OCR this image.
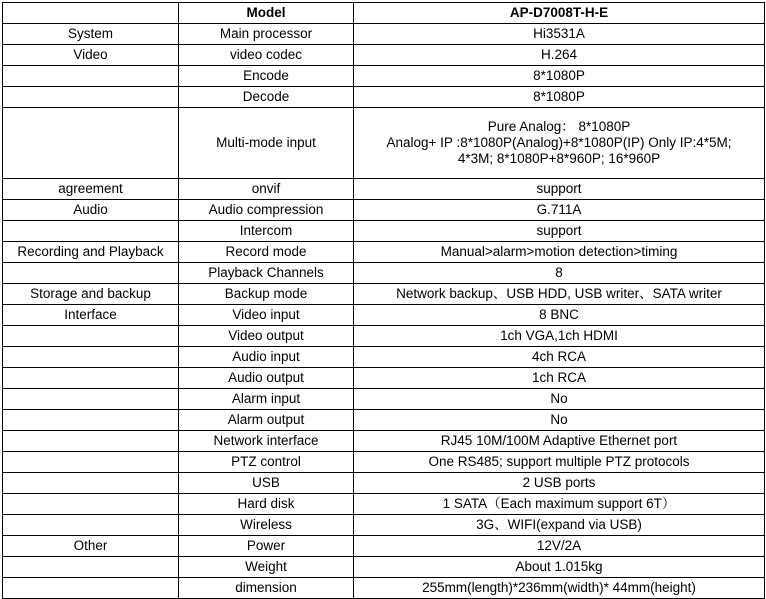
	Model	AP-D7008T-H-E
System	Main processor	Hi3531A
Video	video codec	H.264
	Encode	8*1080P
	Decode	8*1080P
	Multi-mode input	Pure Analog： 8*1080P
Analog+ IP :8*1080P(Analog)+8*1080P(IP) Only IP:4*5M;
4*3M; 8*1080P+8*960P; 16*960P

agreement	onvif	support
Audio	Audio compression	G.711A
	Intercom	support
Recording and Playback	Record mode	Manual>alarm>motion detection>timing
	Playback Channels	8
Storage and backup	Backup mode	Network backup、USB HDD, USB writer、SATA writer
Interface	Video input	8 BNC
	Video output	1ch VGA,1ch HDMI
	Audio input	4ch RCA
	Audio output	1ch RCA
	Alarm input	No
	Alarm output	No
	Network interface	RJ45 10M/100M Adaptive Ethernet port
	PTZ control	One RS485; support multiple PTZ protocols
	USB	2 USB ports
	Hard disk	1 SATA（Each maximum support 6T）
	Wireless	3G、WIFI(expand via USB)
Other	Power	12V/2A
	Weight	About 1.015kg
	dimension	255mm(length)*236mm(width)* 44mm(height)
